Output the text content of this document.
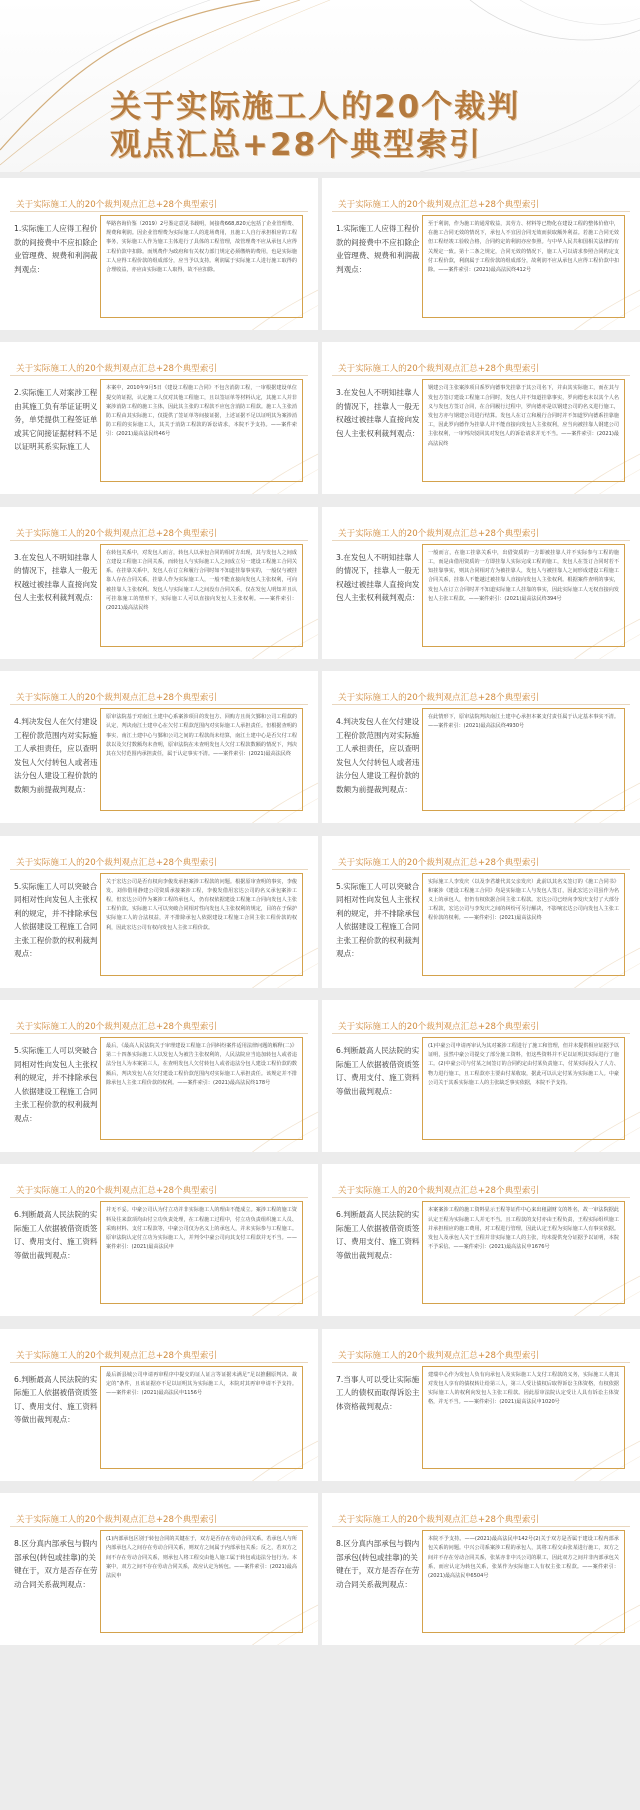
关于实际施工人的20个裁判
观点汇总+28个典型索引
关于实际施工人的20个裁判观点汇总+28个典型索引
1.实际施工人应得工程价款的间接费中不应扣除企业管理费、规费和利润裁判观点：
华路咨询价鉴（2019）2号鉴定意见书载明，间接费668,820元包括了企业管理费、规费和利润。因企业管理费为实际施工人的进场费用，且施工人自行承担相应的工程事务，实际施工人作为施工主体进行了具体的工程管理，故管理费不应从承包人应得工程价款中扣除。而规费作为政府和有关权力部门规定必须缴纳的费用，也是实际施工人应得工程价款的组成部分，应当予以支持。利润属于实际施工人进行施工取得的合理收益，亦应由实际施工人取得，故不应扣除。
关于实际施工人的20个裁判观点汇总+28个典型索引
1.实际施工人应得工程价款的间接费中不应扣除企业管理费、规费和利润裁判观点：
至于利润，作为施工的通常收益，其劳力、材料等已物化在建设工程的整体价值中，在施工合同无效的情况下，承包人不宜因合同无效而获取额外利益。若施工合同无效但工程经竣工验收合格，合同约定的利润亦应参照。与中华人民共和国相关法律的有关规定一致。第十二条之规定，合同无效的情况下，施工人可以请求参照合同约定支付工程价款，利润属于工程价款的组成部分，故利润不应从承包人应得工程价款中扣除。——案件索引：(2021)最高法民终412号
关于实际施工人的20个裁判观点汇总+28个典型索引
2.实际施工人对案涉工程由其施工负有举证证明义务，单凭提供工程签证单或其它间接证据材料不足以证明其系实际施工人
本案中，2010年9月5日《建设工程施工合同》不包含消防工程，一审根据建设单位提交的证据，认定施工人仅对其他工程施工，且以签证单等材料认定，其施工人并非案涉消防工程的施工主体，因此其主张的工程款不应包含消防工程款。施工人主张消防工程由其实际施工，仅提供了签证单等间接证据，上述证据不足以证明其为案涉消防工程的实际施工人，其关于消防工程款的诉讼请求，本院不予支持。——案件索引：(2021)最高法民终46号
关于实际施工人的20个裁判观点汇总+28个典型索引
3.在发包人不明知挂靠人的情况下，挂靠人一般无权越过被挂靠人直接向发包人主张权利裁判观点：
钢建公司主张案涉项目系罗向德事先挂靠于其公司名下，并由其实际施工，而在其与发包方签订建设工程施工合同时，发包人并不知道挂靠事实，罗向德也未以其个人名义与发包方签订合同，在合同履行过程中，罗向德亦是以钢建公司的名义进行施工，发包方亦与钢建公司进行结算。发包人在订立和履行合同时并不知道罗向德系挂靠施工，因此罗向德作为挂靠人并不能直接向发包人主张权利，应当向被挂靠人钢建公司主张权利，一审判决驳回其对发包人的诉讼请求并无不当。——案件索引：(2021)最高法民终
关于实际施工人的20个裁判观点汇总+28个典型索引
3.在发包人不明知挂靠人的情况下，挂靠人一般无权越过被挂靠人直接向发包人主张权利裁判观点：
在转包关系中，对发包人而言，转包人以承包合同的相对方出现，其与发包人之间成立建设工程施工合同关系，而转包人与实际施工人之间成立另一建设工程施工合同关系。在挂靠关系中，发包人在订立和履行合同时如不知道挂靠事实的，一般仅与被挂靠人存在合同关系，挂靠人作为实际施工人，一般不能直接向发包人主张权利，可向被挂靠人主张权利。发包人与实际施工人之间没有合同关系，仅在发包人明知并且认可挂靠施工的情形下，实际施工人可以直接向发包人主张权利。——案件索引：(2021)最高法民终
关于实际施工人的20个裁判观点汇总+28个典型索引
3.在发包人不明知挂靠人的情况下，挂靠人一般无权越过被挂靠人直接向发包人主张权利裁判观点：
一般而言，在施工挂靠关系中，出借资质的一方即被挂靠人并不实际参与工程的施工，而是由借用资质的一方即挂靠人实际完成工程的施工，发包人在签订合同时若不知挂靠事实，则其合同相对方为被挂靠人，发包人与被挂靠人之间形成建设工程施工合同关系，挂靠人不能越过被挂靠人直接向发包人主张权利。根据案件查明的事实，发包人在订立合同时并不知道实际施工人挂靠的事实，因此实际施工人无权直接向发包人主张工程款。——案件索引：(2021)最高法民终394号
关于实际施工人的20个裁判观点汇总+28个典型索引
4.判决发包人在欠付建设工程价款范围内对实际施工人承担责任，应以查明发包人欠付转包人或者违法分包人建设工程价款的数额为前提裁判观点：
原审法院基于对南江土建中心系案涉项目的发包方、回购方且尚欠鄞和公司工程款的认定，判决南江土建中心在欠付工程款范围内对实际施工人承担责任。但根据查明的事实，南江土建中心与鄞和公司之间的工程款尚未结算，南江土建中心是否欠付工程款以及欠付数额均未查明，原审法院在未查明发包人欠付工程款数额的情况下，判决其在欠付范围内承担责任，属于认定事实不清。——案件索引：(2021)最高法民终
关于实际施工人的20个裁判观点汇总+28个典型索引
4.判决发包人在欠付建设工程价款范围内对实际施工人承担责任，应以查明发包人欠付转包人或者违法分包人建设工程价款的数额为前提裁判观点：
在此情形下，原审法院判决南江土建中心承担本案支付责任属于认定基本事实不清。——案件索引：(2021)最高法民终4930号
关于实际施工人的20个裁判观点汇总+28个典型索引
5.实际施工人可以突破合同相对性向发包人主张权利的规定，并不排除承包人依据建设工程施工合同主张工程价款的权利裁判观点：
关于宏达公司是否有权向李俊发承担案涉工程款的问题。根据原审查明的事实，李俊发、刘伟借用静建公司资质承接案涉工程，李俊发借用宏达公司的名义承包案涉工程，但宏达公司作为案涉工程的承包人，仍有权依据建设工程施工合同向发包人主张工程价款。实际施工人可以突破合同相对性向发包人主张权利的规定，目的在于保护实际施工人的合法权益，并不排除承包人依据建设工程施工合同主张工程价款的权利，因此宏达公司有权向发包人主张工程价款。
关于实际施工人的20个裁判观点汇总+28个典型索引
5.实际施工人可以突破合同相对性向发包人主张权利的规定，并不排除承包人依据建设工程施工合同主张工程价款的权利裁判观点：
实际施工人李发庆（以及李君雄代其父亲发庆）此前以其名义签订的《施工合同书》和案涉《建设工程施工合同》均是实际施工人与发包人签订，因此宏达公司虽作为名义上的承包人，但仍有权依据合同主张工程款。宏达公司已经向李发庆支付了大部分工程款，宏达公司与李发庆之间的纠纷可另行解决，不影响宏达公司向发包人主张工程价款的权利。——案件索引：(2021)最高法民终
关于实际施工人的20个裁判观点汇总+28个典型索引
5.实际施工人可以突破合同相对性向发包人主张权利的规定，并不排除承包人依据建设工程施工合同主张工程价款的权利裁判观点：
最后，《最高人民法院关于审理建设工程施工合同纠纷案件适用法律问题的解释(二)》第二十四条实际施工人以发包人为被告主张权利的，人民法院应当追加转包人或者违法分包人为本案第三人，在查明发包人欠付转包人或者违法分包人建设工程价款的数额后，判决发包人在欠付建设工程价款范围内对实际施工人承担责任。该规定并不排除承包人主张工程价款的权利。——案件索引：(2021)最高法民终178号
关于实际施工人的20个裁判观点汇总+28个典型索引
6.判断最高人民法院的实际施工人依据被借资质签订、费用支付、施工资料等做出裁判观点：
(1)中豪公司申请再审认为其对案涉工程进行了施工和管理，但并未提供相应证据予以证明，虽然中豪公司提交了部分施工资料，但这些资料并不足以证明其实际进行了施工。(2)中豪公司与付某之间签订的合同约定由付某负责施工，付某实际投入了人力、物力进行施工，且工程款亦主要由付某收取，据此可以认定付某为实际施工人。中豪公司关于其系实际施工人的主张缺乏事实依据，本院不予支持。
关于实际施工人的20个裁判观点汇总+28个典型索引
6.判断最高人民法院的实际施工人依据被借资质签订、费用支付、施工资料等做出裁判观点：
并无不妥。中豪公司认为付立功并非实际施工人的理由不能成立。案涉工程的施工资料及往来款项均由付立功负责处理，在工程施工过程中，付立功负责组织施工人员、采购材料、支付工程款等，中豪公司仅为名义上的承包人，并未实际参与工程施工。原审法院认定付立功为实际施工人，并判令中豪公司向其支付工程款并无不当。——案件索引：(2021)最高法民申
关于实际施工人的20个裁判观点汇总+28个典型索引
6.判断最高人民法院的实际施工人依据被借资质签订、费用支付、施工资料等做出裁判观点：
本案案涉工程的施工资料显示王程等证件中心来出租副财文的姓名，故一审法院据此认定王程为实际施工人并无不当。且工程款的支付亦由王程负责，王程实际组织施工并承担相应的施工费用，对工程进行管理，因此认定王程为实际施工人有事实依据。发包人及承包人关于王程并非实际施工人的主张，均未提供充分证据予以证明，本院不予采信。——案件索引：(2021)最高法民申1676号
关于实际施工人的20个裁判观点汇总+28个典型索引
6.判断最高人民法院的实际施工人依据被借资质签订、费用支付、施工资料等做出裁判观点：
最后新县城公司申请再审程序中提交的证人证言等证据未满足“足以推翻原判决、裁定的”条件，且该证据亦不足以证明其为实际施工人，本院对其再审申请不予支持。——案件索引：(2021)最高法民申1156号
关于实际施工人的20个裁判观点汇总+28个典型索引
7.当事人可以受让实际施工人的债权而取得诉讼主体资格裁判观点：
建瑞中心作为发包人负有向承包人及实际施工人支付工程款的义务，实际施工人将其对发包人享有的债权转让给第三人，第三人受让债权后取得诉讼主体资格，有权依据实际施工人的权利向发包人主张工程款。因此原审法院认定受让人具有诉讼主体资格，并无不当。——案件索引：(2021)最高法民申1020号
关于实际施工人的20个裁判观点汇总+28个典型索引
8.区分真内部承包与假内部承包(转包或挂靠)的关键在于，双方是否存在劳动合同关系裁判观点：
(1)内部承包区别于转包合同的关键在于，双方是否存在劳动合同关系。若承包人与所内部承包人之间存在劳动合同关系，则双方之间属于内部承包关系；反之，若双方之间不存在劳动合同关系，则承包人将工程交由他人施工属于转包或违法分包行为。本案中，双方之间不存在劳动合同关系，故应认定为转包。——案件索引：(2021)最高法民申
关于实际施工人的20个裁判观点汇总+28个典型索引
8.区分真内部承包与假内部承包(转包或挂靠)的关键在于，双方是否存在劳动合同关系裁判观点：
本院不予支持。——(2021)最高法民申142号(2)关于双方是否属于建设工程内部承包关系的问题。中兴公司系案涉工程的承包人，其将工程交由张某进行施工，双方之间并不存在劳动合同关系，张某亦非中兴公司的职工，因此双方之间并非内部承包关系，而应认定为转包关系，张某作为实际施工人有权主张工程款。——案件索引：(2021)最高法民申6504号
